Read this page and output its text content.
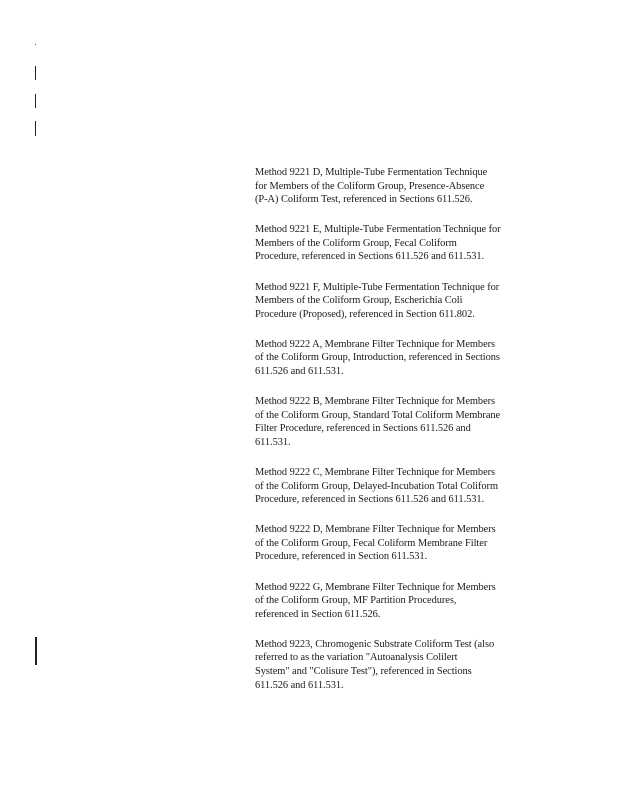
Method 9221 D, Multiple-Tube Fermentation Technique
for Members of the Coliform Group, Presence-Absence
(P-A) Coliform Test, referenced in Sections 611.526.

Method 9221 E, Multiple-Tube Fermentation Technique for
Members of the Coliform Group, Fecal Coliform
Procedure, referenced in Sections 611.526 and 611.531.

Method 9221 F, Multiple-Tube Fermentation Technique for
Members of the Coliform Group, Escherichia Coli
Procedure (Proposed), referenced in Section 611.802.

Method 9222 A, Membrane Filter Technique for Members
of the Coliform Group, Introduction, referenced in Sections
611.526 and 611.531.

Method 9222 B, Membrane Filter Technique for Members
of the Coliform Group, Standard Total Coliform Membrane
Filter Procedure, referenced in Sections 611.526 and
611.531.

Method 9222 C, Membrane Filter Technique for Members
of the Coliform Group, Delayed-Incubation Total Coliform
Procedure, referenced in Sections 611.526 and 611.531.

Method 9222 D, Membrane Filter Technique for Members
of the Coliform Group, Fecal Coliform Membrane Filter
Procedure, referenced in Section 611.531.

Method 9222 G, Membrane Filter Technique for Members
of the Coliform Group, MF Partition Procedures,
referenced in Section 611.526.

Method 9223, Chromogenic Substrate Coliform Test (also
referred to as the variation "Autoanalysis Colilert
System" and "Colisure Test"), referenced in Sections
611.526 and 611.531.
